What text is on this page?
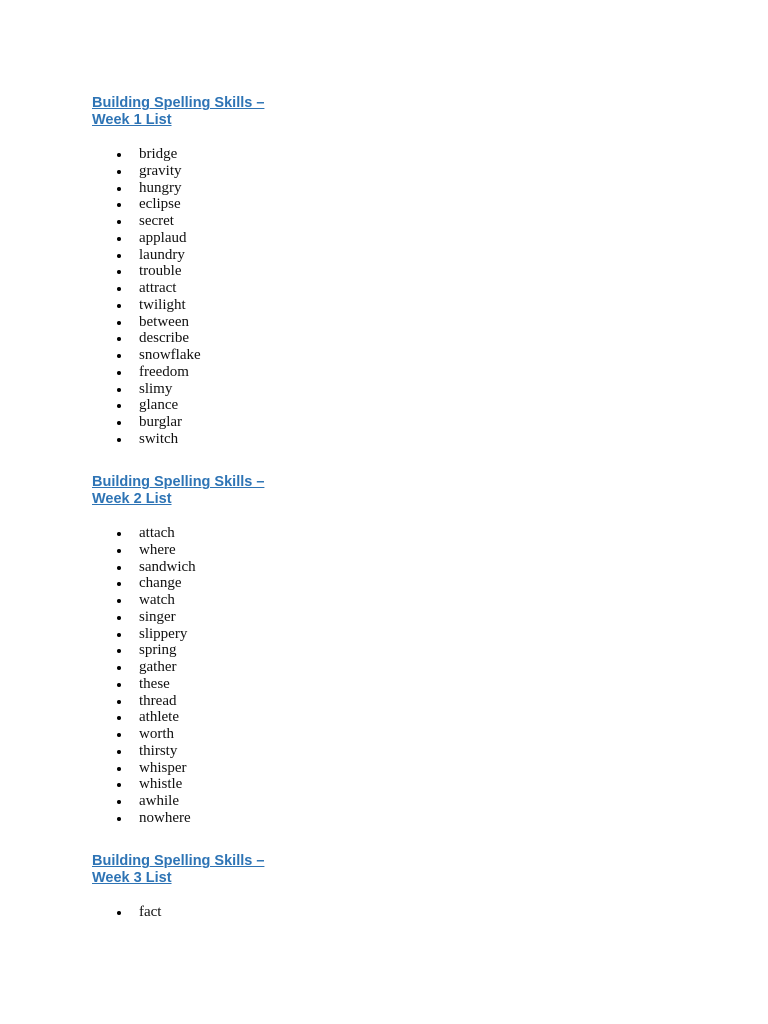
Building Spelling Skills – Week 1 List
bridge
gravity
hungry
eclipse
secret
applaud
laundry
trouble
attract
twilight
between
describe
snowflake
freedom
slimy
glance
burglar
switch
Building Spelling Skills – Week 2 List
attach
where
sandwich
change
watch
singer
slippery
spring
gather
these
thread
athlete
worth
thirsty
whisper
whistle
awhile
nowhere
Building Spelling Skills – Week 3 List
fact
